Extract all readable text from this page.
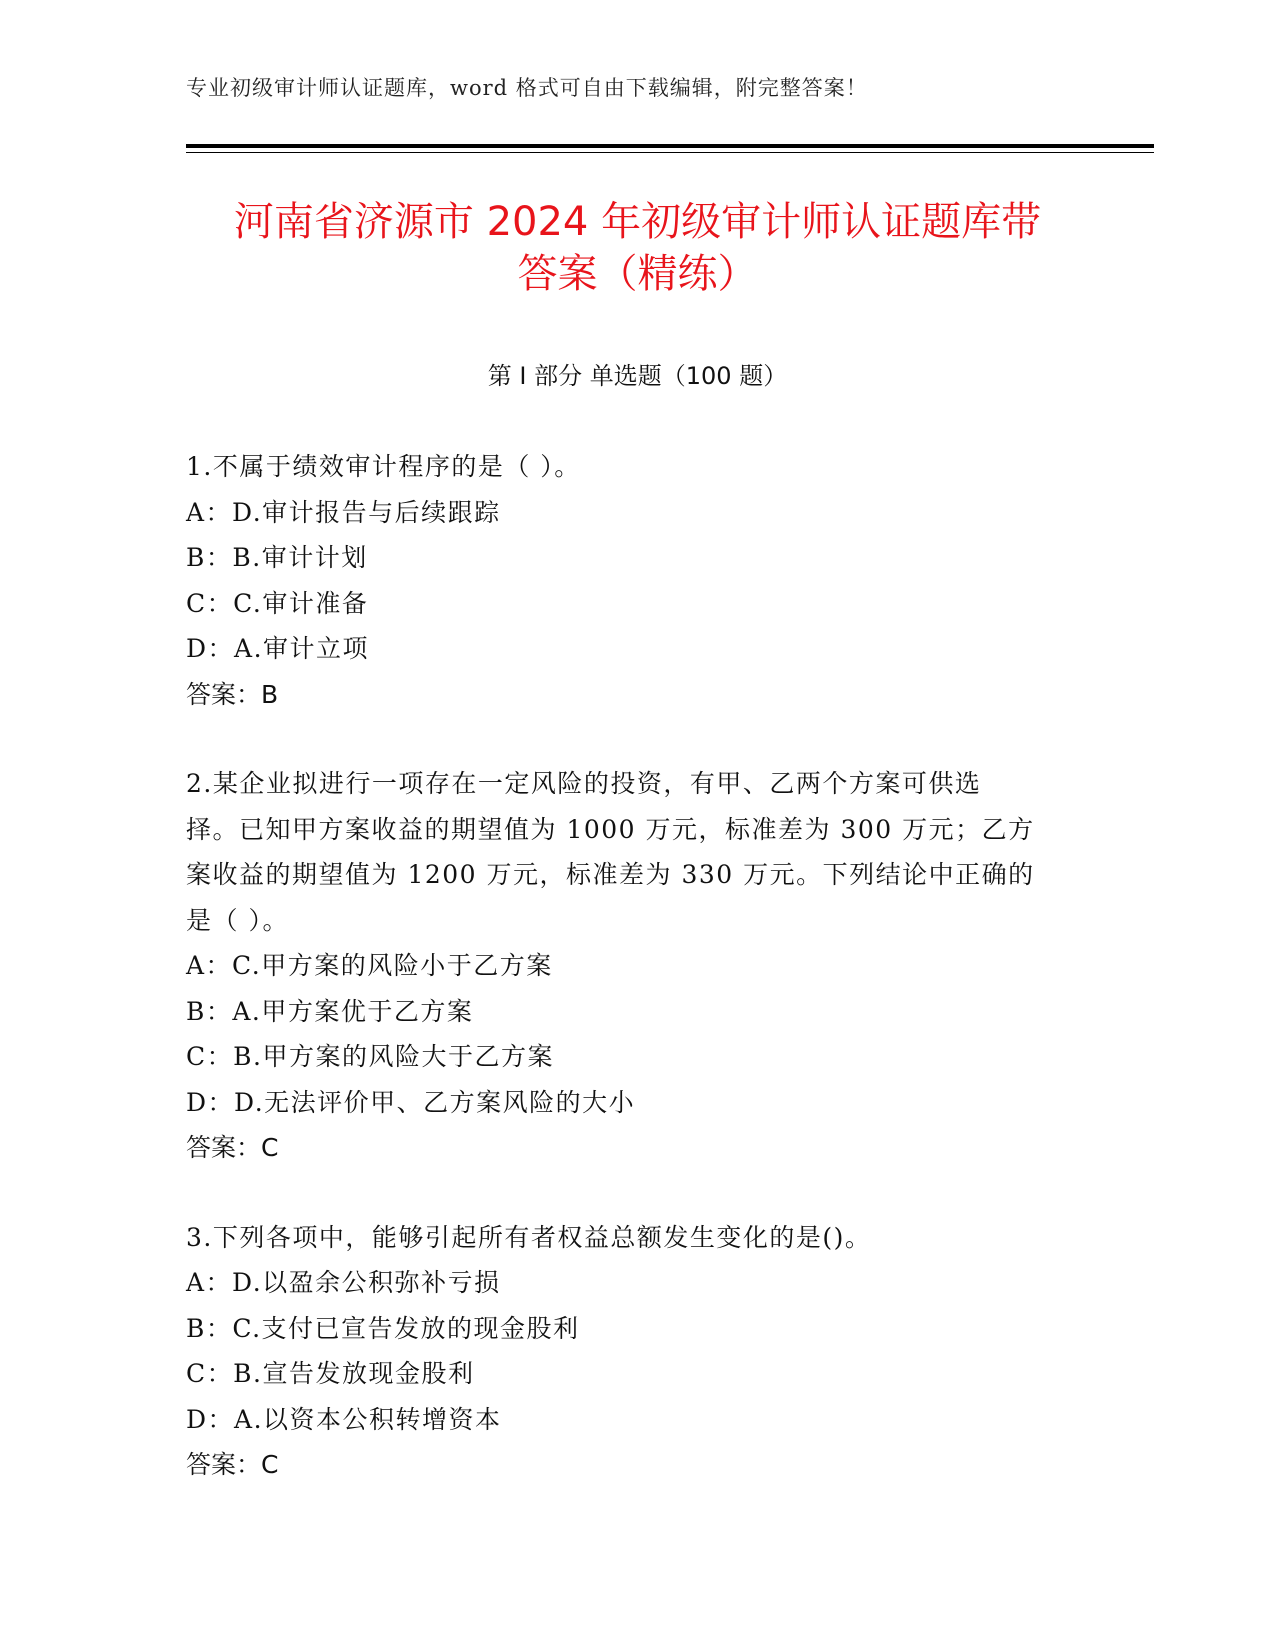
专业初级审计师认证题库，word 格式可自由下载编辑，附完整答案！
河南省济源市 2024 年初级审计师认证题库带
答案（精练）
第 I 部分 单选题（100 题）
1.不属于绩效审计程序的是（ ）。
A：D.审计报告与后续跟踪
B：B.审计计划
C：C.审计准备
D：A.审计立项
答案：B
2.某企业拟进行一项存在一定风险的投资，有甲、乙两个方案可供选
择。已知甲方案收益的期望值为 1000 万元，标准差为 300 万元；乙方
案收益的期望值为 1200 万元，标准差为 330 万元。下列结论中正确的
是（ ）。
A：C.甲方案的风险小于乙方案
B：A.甲方案优于乙方案
C：B.甲方案的风险大于乙方案
D：D.无法评价甲、乙方案风险的大小
答案：C
3.下列各项中，能够引起所有者权益总额发生变化的是()。
A：D.以盈余公积弥补亏损
B：C.支付已宣告发放的现金股利
C：B.宣告发放现金股利
D：A.以资本公积转增资本
答案：C
